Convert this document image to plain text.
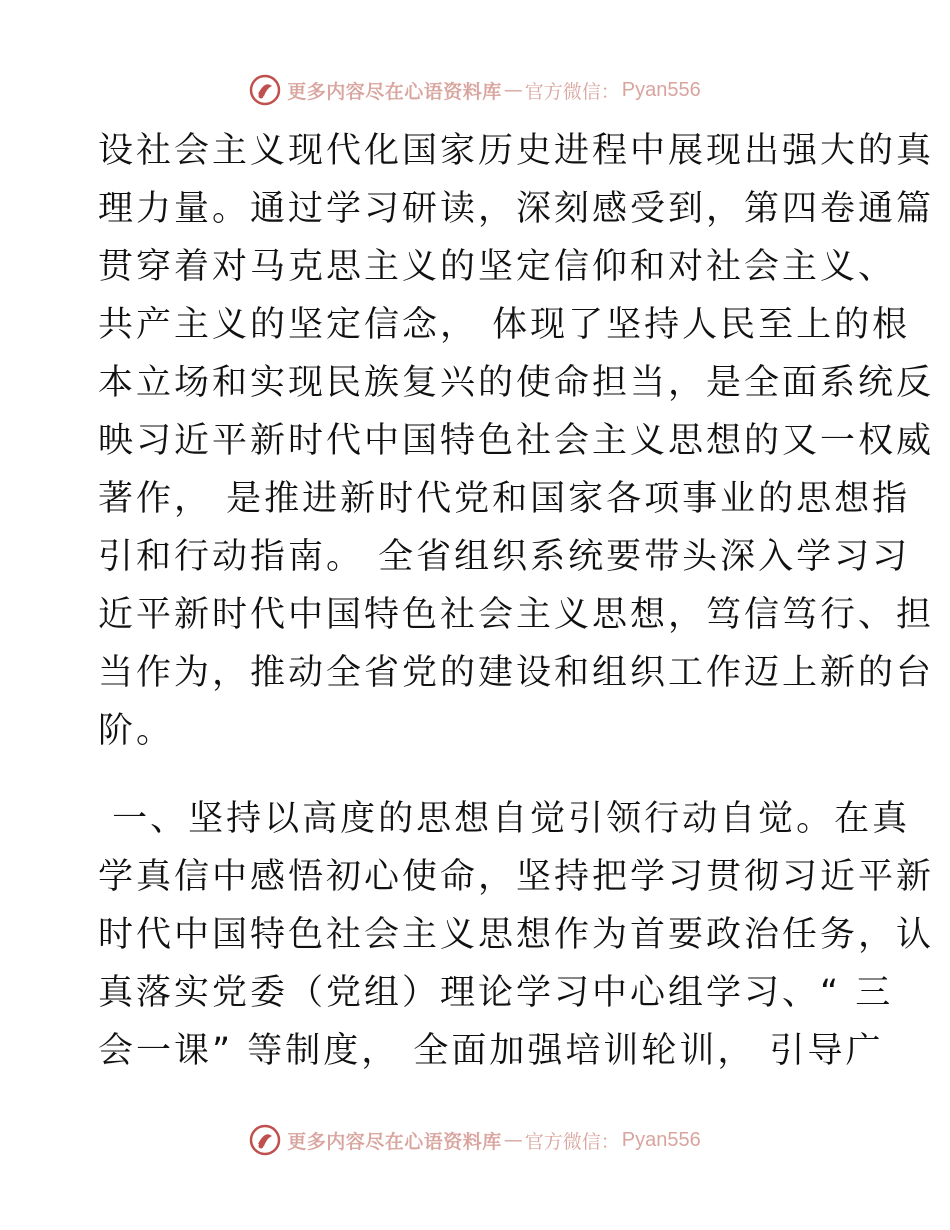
更多内容尽在心语资料库 — 官方微信： Pyan556
设社会主义现代化国家历史进程中展现出强大的真
理力量。通过学习研读，深刻感受到，第四卷通篇
贯穿着对马克思主义的坚定信仰和对社会主义、
共产主义的坚定信念， 体现了坚持人民至上的根
本立场和实现民族复兴的使命担当，是全面系统反
映习近平新时代中国特色社会主义思想的又一权威
著作， 是推进新时代党和国家各项事业的思想指
引和行动指南。 全省组织系统要带头深入学习习
近平新时代中国特色社会主义思想，笃信笃行、担
当作为，推动全省党的建设和组织工作迈上新的台
阶。
一、坚持以高度的思想自觉引领行动自觉。在真
学真信中感悟初心使命，坚持把学习贯彻习近平新
时代中国特色社会主义思想作为首要政治任务，认
真落实党委（党组）理论学习中心组学习、“ 三
会一课” 等制度， 全面加强培训轮训， 引导广
更多内容尽在心语资料库 — 官方微信： Pyan556
